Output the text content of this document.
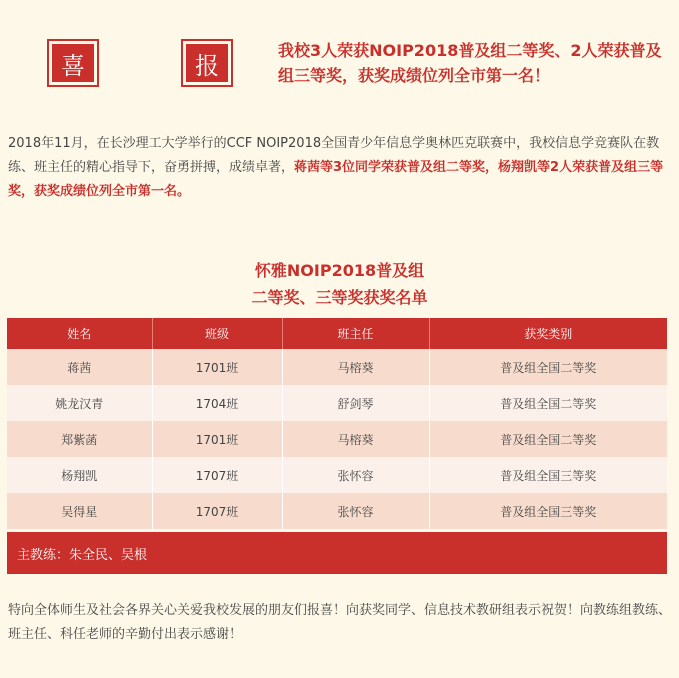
喜	报
我校3人荣获NOIP2018普及组二等奖、2人荣获普及组三等奖，获奖成绩位列全市第一名！
2018年11月，在长沙理工大学举行的CCF NOIP2018全国青少年信息学奥林匹克联赛中，我校信息学竞赛队在教练、班主任的精心指导下，奋勇拼搏，成绩卓著，蒋茜等3位同学荣获普及组二等奖，杨翔凯等2人荣获普及组三等奖，获奖成绩位列全市第一名。
怀雅NOIP2018普及组
二等奖、三等奖获奖名单
姓名	班级	班主任	获奖类别
蒋茜	1701班	马榕葵	普及组全国二等奖
姚龙汉青	1704班	舒剑琴	普及组全国二等奖
郑紫菡	1701班	马榕葵	普及组全国二等奖
杨翔凯	1707班	张怀容	普及组全国三等奖
吴得星	1707班	张怀容	普及组全国三等奖
主教练：朱全民、吴根
特向全体师生及社会各界关心关爱我校发展的朋友们报喜！向获奖同学、信息技术教研组表示祝贺！向教练组教练、班主任、科任老师的辛勤付出表示感谢！
